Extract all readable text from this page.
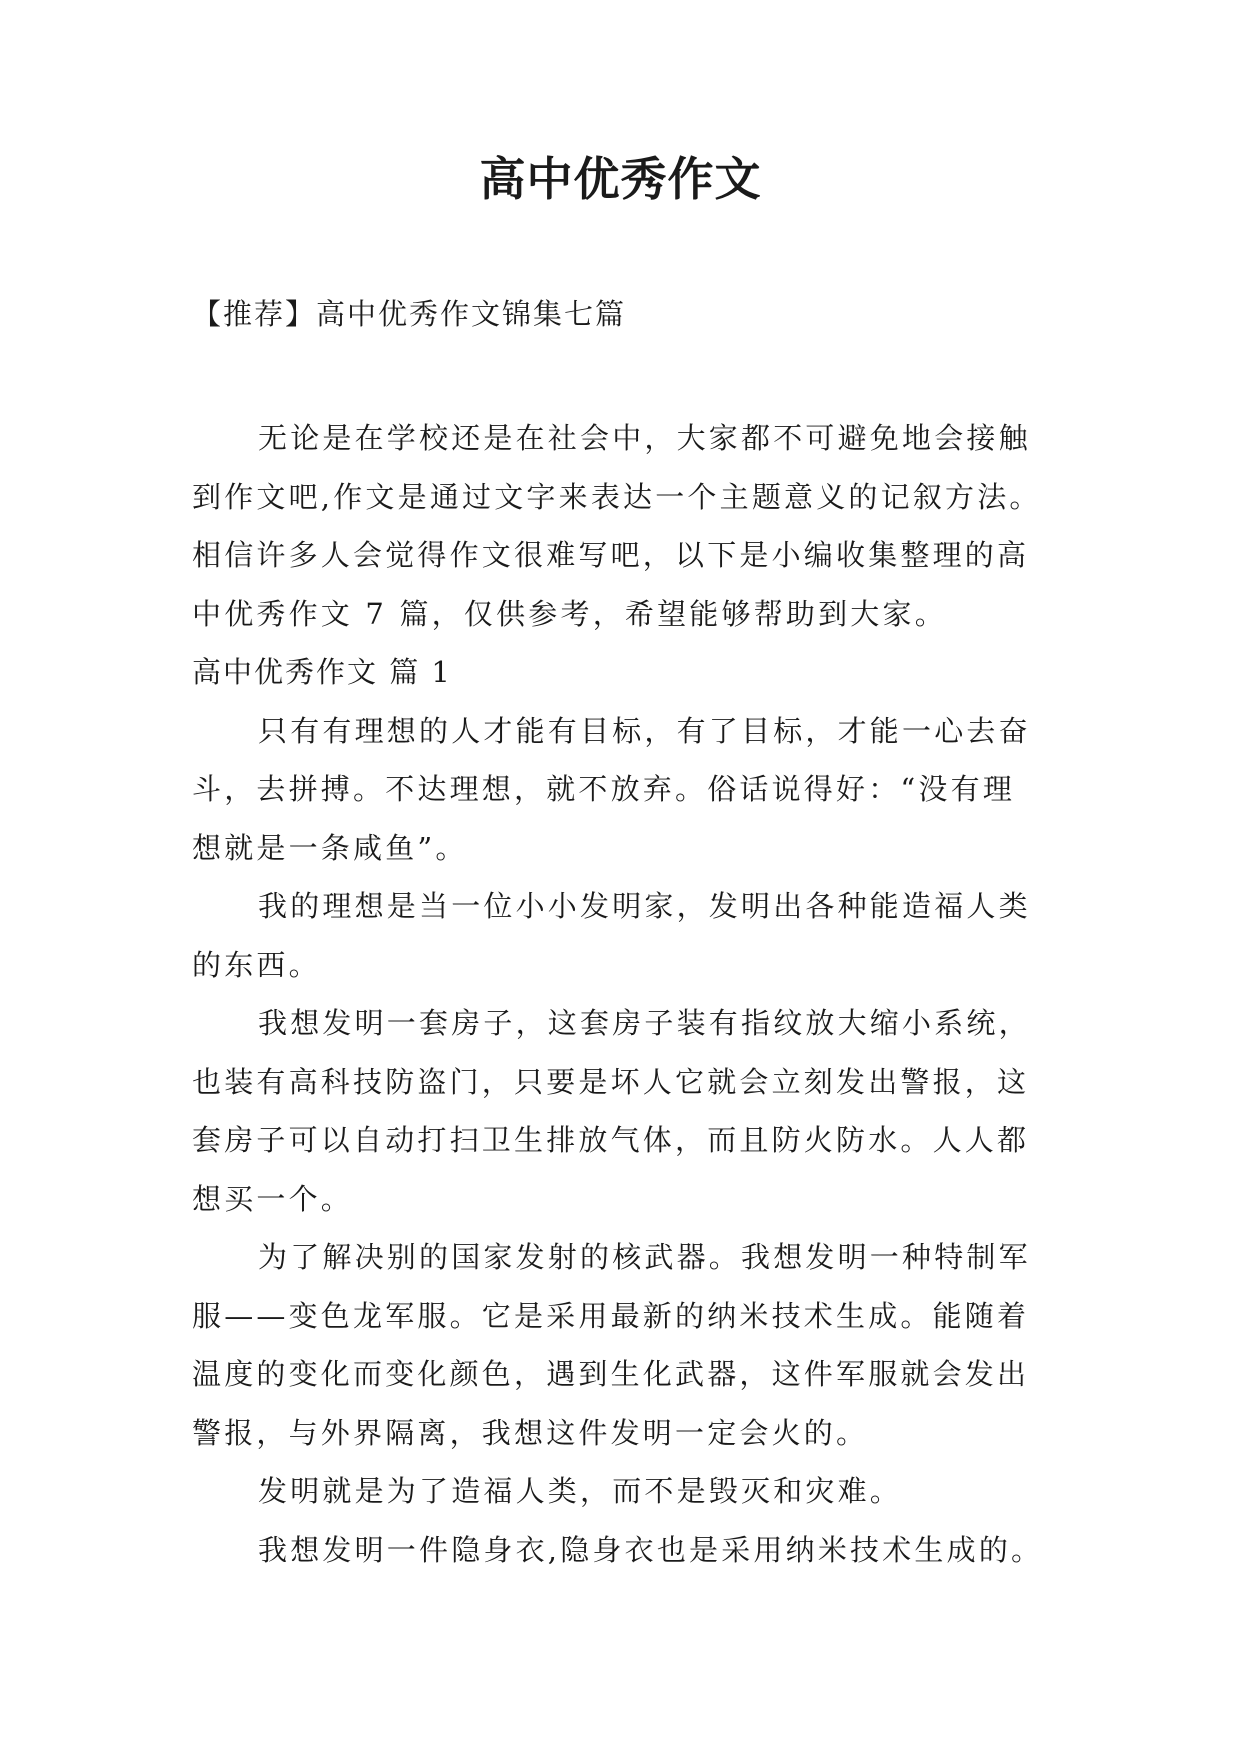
高中优秀作文
【推荐】高中优秀作文锦集七篇
无论是在学校还是在社会中，大家都不可避免地会接触
到作文吧,作文是通过文字来表达一个主题意义的记叙方法。
相信许多人会觉得作文很难写吧，以下是小编收集整理的高
中优秀作文 7 篇，仅供参考，希望能够帮助到大家。
高中优秀作文 篇 1
只有有理想的人才能有目标，有了目标，才能一心去奋
斗，去拼搏。不达理想，就不放弃。俗话说得好：“没有理
想就是一条咸鱼”。
我的理想是当一位小小发明家，发明出各种能造福人类
的东西。
我想发明一套房子，这套房子装有指纹放大缩小系统，
也装有高科技防盗门，只要是坏人它就会立刻发出警报，这
套房子可以自动打扫卫生排放气体，而且防火防水。人人都
想买一个。
为了解决别的国家发射的核武器。我想发明一种特制军
服——变色龙军服。它是采用最新的纳米技术生成。能随着
温度的变化而变化颜色，遇到生化武器，这件军服就会发出
警报，与外界隔离，我想这件发明一定会火的。
发明就是为了造福人类，而不是毁灭和灾难。
我想发明一件隐身衣,隐身衣也是采用纳米技术生成的。
